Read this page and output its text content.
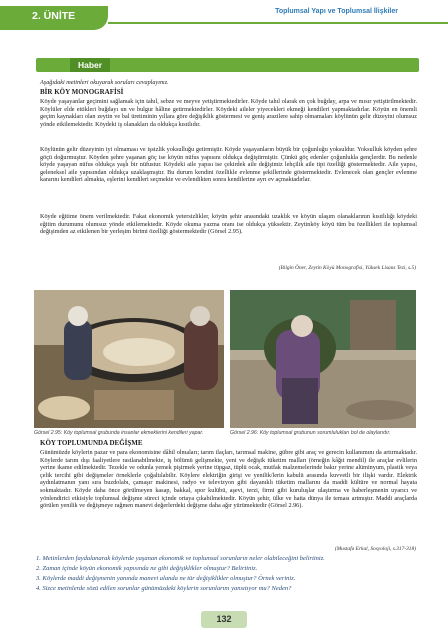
2. ÜNİTE	Toplumsal Yapı ve Toplumsal İlişkiler
Haber
Aşağıdaki metinleri okuyarak soruları cevaplayınız.
BİR KÖY MONOGRAFİSİ
Köyde yaşayanlar geçimini sağlamak için tahıl, sebze ve meyve yetiştirmektedirler. Köyde tahıl olarak en çok buğday, arpa ve mısır yetiştirilmektedir. Köylüler elde ettikleri buğdayı un ve bulgur hâline getirmektedirler. Köydeki aileler yiyecekleri ekmeği kendileri yapmaktadırlar. Köyün en önemli geçim kaynakları olan zeytin ve bal üretiminin yıllara göre değişiklik göstermesi ve geniş arazilere sahip olmamaları köylünün gelir düzeyini olumsuz yönde etkilemektedir. Köydeki iş olanakları da oldukça kısıtlıdır.
Köylünün gelir düzeyinin iyi olmaması ve işsizlik yoksulluğu getirmiştir. Köyde yaşayanların büyük bir çoğunluğu yoksuldur. Yoksulluk köyden şehre göçü doğurmuştur. Köyden şehre yaşanan göç ise köyün nüfus yapısını oldukça değiştirmiştir. Çünkü göç edenler çoğunlukla gençlerdir. Bu nedenle köyde yaşayan nüfus oldukça yaşlı bir nüfustur. Köydeki aile yapısı ise çekirdek aile değişimiz lehçilik aile tipi özelliği göstermektedir. Aile yapısı, geleneksel aile yapısından oldukça uzaklaşmıştır. Bu durum kendini özellikle evlenme şekillerinde göstermektedir. Evlenecek olan gençler evlenme kararını kendileri almakta, eşlerini kendileri seçmekte ve evlendikten sonra kendilerine ayrı ev açmaktadırlar.
Köyde eğitime önem verilmektedir. Fakat ekonomik yetersizlikler, köyün şehir arasındaki uzaklık ve köyün ulaşım olanaklarının kısıtlılığı köydeki eğitim durumunu olumsuz yönde etkilemektedir. Köyde okuma yazma oranı ise oldukça yüksektir. Zeytinköy köyü tüm bu özellikleri ile toplumsal değişimden az etkilenen bir yerleşim birimi özelliği göstermektedir (Görsel 2.95).
(Bilgin Öner, Zeytin Köyü Monografisi, Yüksek Lisans Tezi, s.5)
Görsel 2.95: Köy toplumsal grubunda insanlar ekmeklerini kendileri yapar.	Görsel 2.96: Köy toplumsal grubunun sorumlulukları bol de olaylarıdır.
KÖY TOPLUMUNDA DEĞİŞME
Günümüzde köylerin pazar ve para ekonomisine dâhil olmaları; tarım ilaçları, tarımsal makine, gübre gibi araç ve gerecin kullanımını da artırmaktadır. Köylerde tarım dışı faaliyetlere rastlanabilmekte, iş bölümü gelişmekte, yeni ve değişik tüketim malları (örneğin kâğıt mendil) ile araçlar evlilerin yerine ikame edilmektedir. Tezekle ve odunla yemek pişirmek yerine tüpgaz, tüplü ocak, mutfak malzemelerinde bakır yerine alüminyum, plastik veya çelik tercihi gibi değişmeler örneklerle çoğaltılabilir. Köylere elektriğin girişi ve yenilik/lerin kabulü arasında kuvvetli bir ilişki vardır. Elektrik aydınlatmanın yanı sıra buzdolabı, çamaşır makinesi, radyo ve televizyon gibi dayanıklı tüketim mallarını da maddi kültüre ve normal hayata sokmaktadır. Köyde daha önce görülmeyen kasap, bakkal, spor kulübü, aşevi, terzi, firmi gibi kuruluşlar ulaştırma ve haberleşmenin uyarıcı ve yönlendirici etkisiyle toplumsal değişme süreci içinde ortaya çıkabilmektedir. Köyün şehir, ülke ve hatta dünya ile teması artmıştır. Maddi araçlarda görülen yenilik ve değişmeye rağmen manevi değerlerdeki değişme daha ağır yürümektedir (Görsel 2.96).
(Mustafa Erkal, Sosyoloji, s.317-318)
1. Metinlerden faydalanarak köylerde yaşanan ekonomik ve toplumsal sorunların neler olabileceğini belirtiniz.
2. Zaman içinde köyün ekonomik yapısında ne gibi değişiklikler olmuştur? Belirtiniz.
3. Köylerde maddi değişmenin yanında manevi alanda ne tür değişiklikler olmuştur? Örnek veriniz.
4. Sizce metinlerde sözü edilen sorunlar günümüzdeki köylerin sorunlarını yansıtıyor mu? Neden?
132
